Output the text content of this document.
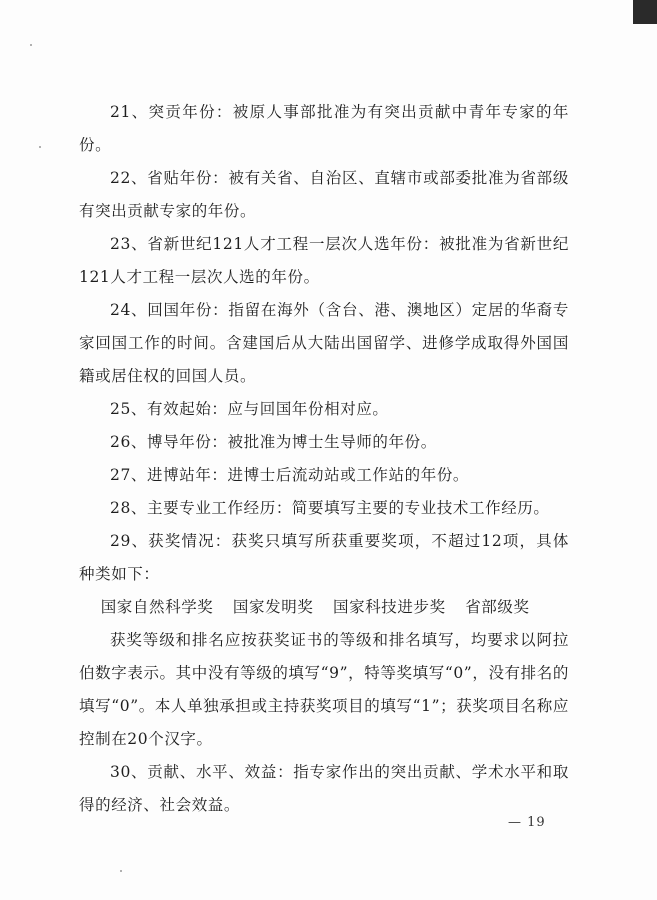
21、突贡年份：被原人事部批准为有突出贡献中青年专家的年份。

22、省贴年份：被有关省、自治区、直辖市或部委批准为省部级有突出贡献专家的年份。

23、省新世纪121人才工程一层次人选年份：被批准为省新世纪121人才工程一层次人选的年份。

24、回国年份：指留在海外（含台、港、澳地区）定居的华裔专家回国工作的时间。含建国后从大陆出国留学、进修学成取得外国国籍或居住权的回国人员。

25、有效起始：应与回国年份相对应。

26、博导年份：被批准为博士生导师的年份。

27、进博站年：进博士后流动站或工作站的年份。

28、主要专业工作经历：简要填写主要的专业技术工作经历。

29、获奖情况：获奖只填写所获重要奖项，不超过12项，具体种类如下：

国家自然科学奖 国家发明奖 国家科技进步奖 省部级奖

获奖等级和排名应按获奖证书的等级和排名填写，均要求以阿拉伯数字表示。其中没有等级的填写“9”，特等奖填写“0”，没有排名的填写“0”。本人单独承担或主持获奖项目的填写“1”；获奖项目名称应控制在20个汉字。

30、贡献、水平、效益：指专家作出的突出贡献、学术水平和取得的经济、社会效益。

— 19
